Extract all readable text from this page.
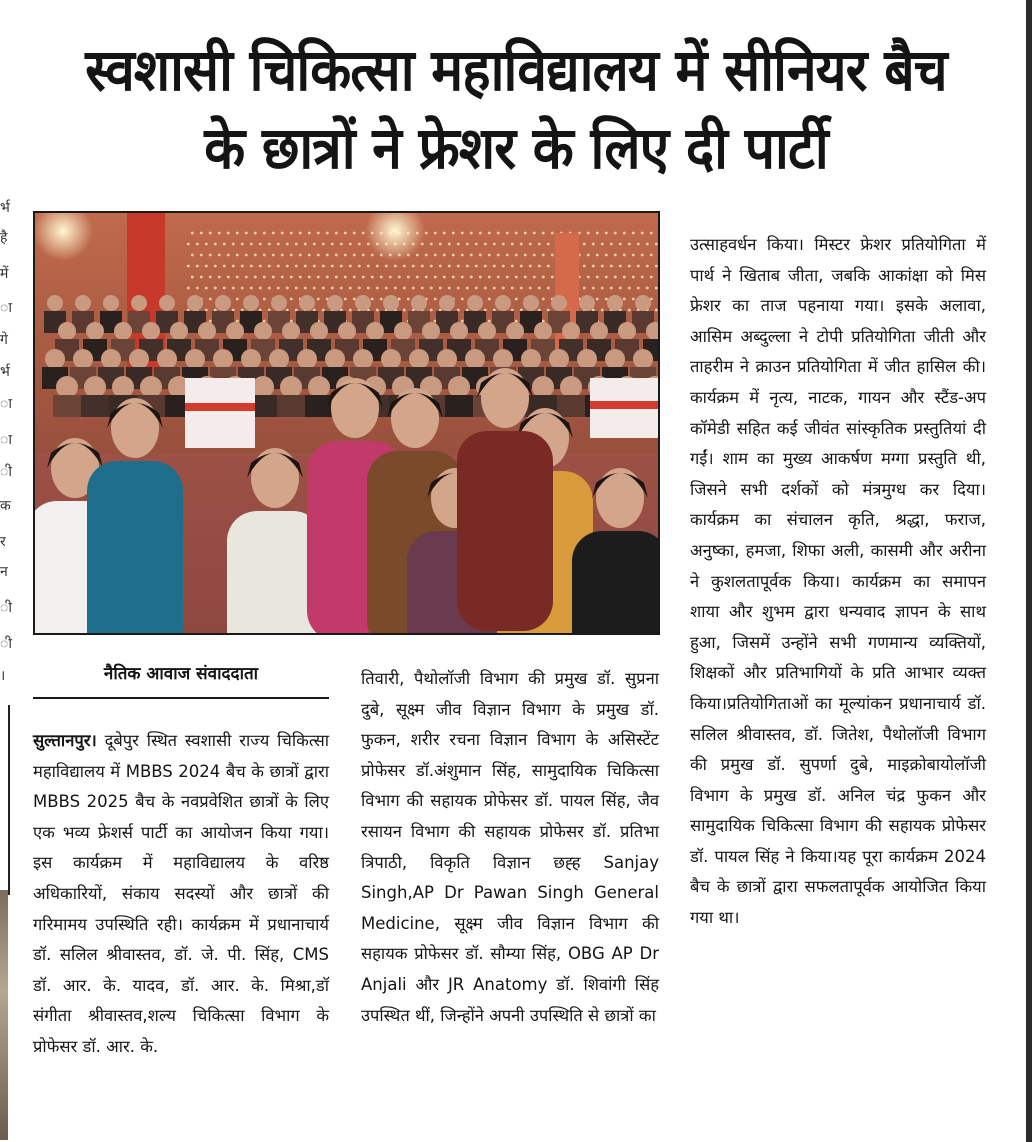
स्वशासी चिकित्सा महाविद्यालय में सीनियर बैच
के छात्रों ने फ्रेशर के लिए दी पार्टी
र्भ
है
में
ा
गे
र्भ
ा
ा
ी
क
र
न
ी
ी
।	नैतिक आवाज संवाददाता

सुल्तानपुर। दूबेपुर स्थित स्वशासी राज्य चिकित्सा महाविद्यालय में MBBS 2024 बैच के छात्रों द्वारा MBBS 2025 बैच के नवप्रवेशित छात्रों के लिए एक भव्य फ्रेशर्स पार्टी का आयोजन किया गया। इस कार्यक्रम में महाविद्यालय के वरिष्ठ अधिकारियों, संकाय सदस्यों और छात्रों की गरिमामय उपस्थिति रही। कार्यक्रम में प्रधानाचार्य डॉ. सलिल श्रीवास्तव, डॉ. जे. पी. सिंह, CMS डॉ. आर. के. यादव, डॉ. आर. के. मिश्रा,डॉ संगीता श्रीवास्तव,शल्य चिकित्सा विभाग के प्रोफेसर डॉ. आर. के.

तिवारी, पैथोलॉजी विभाग की प्रमुख डॉ. सुप्रना दुबे, सूक्ष्म जीव विज्ञान विभाग के प्रमुख डॉ. फुकन, शरीर रचना विज्ञान विभाग के असिस्टेंट प्रोफेसर डॉ.अंशुमान सिंह, सामुदायिक चिकित्सा विभाग की सहायक प्रोफेसर डॉ. पायल सिंह, जैव रसायन विभाग की सहायक प्रोफेसर डॉ. प्रतिभा त्रिपाठी, विकृति विज्ञान छह्ह Sanjay Singh,AP Dr Pawan Singh General Medicine, सूक्ष्म जीव विज्ञान विभाग की सहायक प्रोफेसर डॉ. सौम्या सिंह, OBG AP Dr Anjali और JR Anatomy डॉ. शिवांगी सिंह उपस्थित थीं, जिन्होंने अपनी उपस्थिति से छात्रों का

उत्साहवर्धन किया। मिस्टर फ्रेशर प्रतियोगिता में पार्थ ने खिताब जीता, जबकि आकांक्षा को मिस फ्रेशर का ताज पहनाया गया। इसके अलावा, आसिम अब्दुल्ला ने टोपी प्रतियोगिता जीती और ताहरीम ने क्राउन प्रतियोगिता में जीत हासिल की। कार्यक्रम में नृत्य, नाटक, गायन और स्टैंड-अप कॉमेडी सहित कई जीवंत सांस्कृतिक प्रस्तुतियां दी गईं। शाम का मुख्य आकर्षण मग्गा प्रस्तुति थी, जिसने सभी दर्शकों को मंत्रमुग्ध कर दिया। कार्यक्रम का संचालन कृति, श्रद्धा, फराज, अनुष्का, हमजा, शिफा अली, कासमी और अरीना ने कुशलतापूर्वक किया। कार्यक्रम का समापन शाया और शुभम द्वारा धन्यवाद ज्ञापन के साथ हुआ, जिसमें उन्होंने सभी गणमान्य व्यक्तियों, शिक्षकों और प्रतिभागियों के प्रति आभार व्यक्त किया।प्रतियोगिताओं का मूल्यांकन प्रधानाचार्य डॉ. सलिल श्रीवास्तव, डॉ. जितेश, पैथोलॉजी विभाग की प्रमुख डॉ. सुपर्णा दुबे, माइक्रोबायोलॉजी विभाग के प्रमुख डॉ. अनिल चंद्र फुकन और सामुदायिक चिकित्सा विभाग की सहायक प्रोफेसर डॉ. पायल सिंह ने किया।यह पूरा कार्यक्रम 2024 बैच के छात्रों द्वारा सफलतापूर्वक आयोजित किया गया था।
